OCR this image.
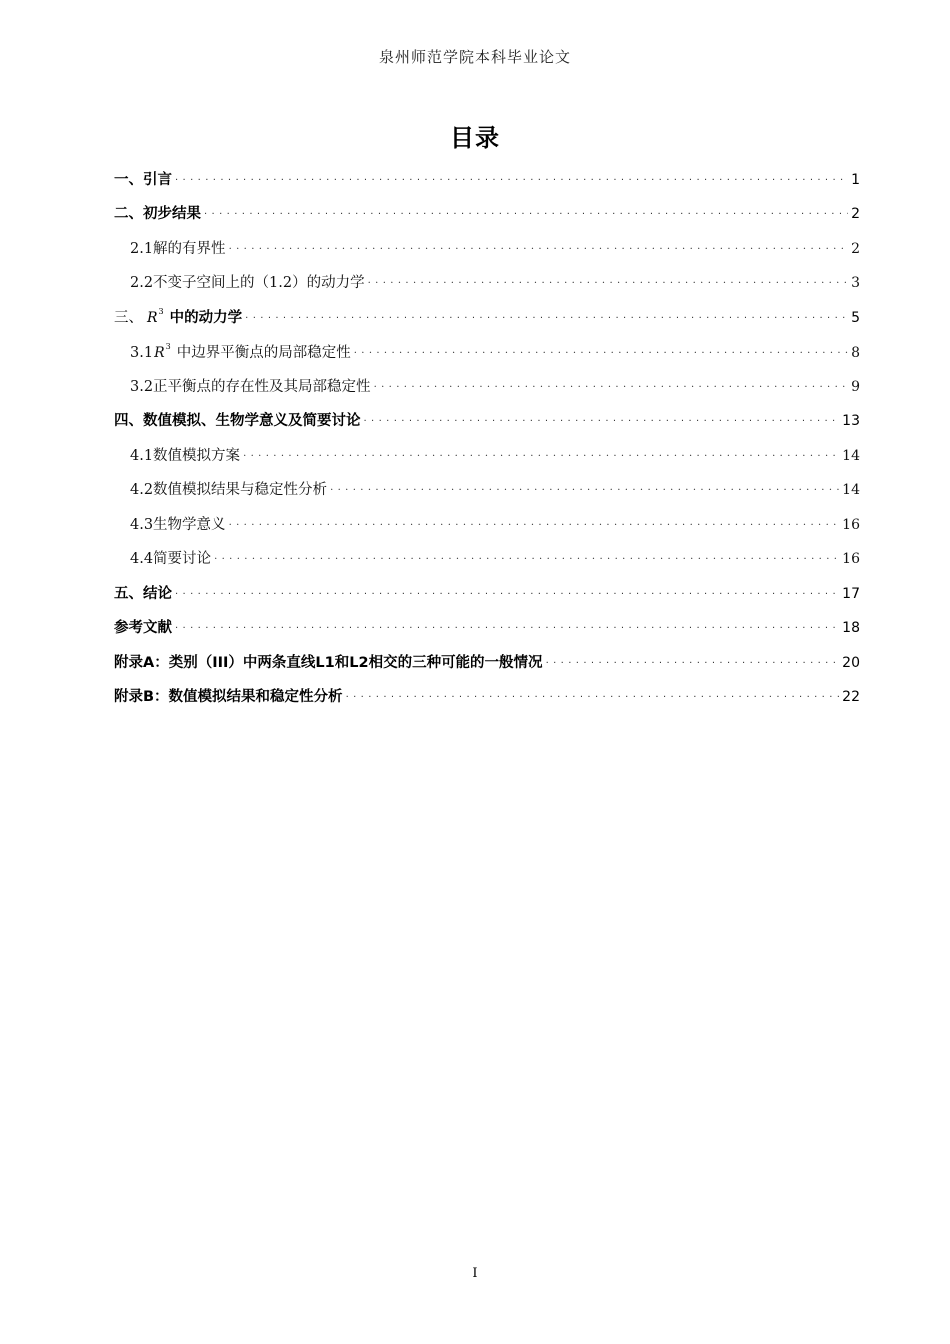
泉州师范学院本科毕业论文
目录
一、引言 . . .	1
二、初步结果 . . .	2
2.1解的有界性 . . .	2
2.2不变子空间上的（1.2）的动力学 . . .	3
三、 $R^3$ 中的动力学 . . .	5
$3.1R^3$ 中边界平衡点的局部稳定性 . . .	8
3.2正平衡点的存在性及其局部稳定性 . . .	9
四、数值模拟、生物学意义及简要讨论 . . .	13
4.1数值模拟方案 . . .	14
4.2数值模拟结果与稳定性分析 . . .	14
4.3生物学意义 . . .	16
4.4简要讨论 . . .	16
五、结论 . . .	17
参考文献 . . .	18
附录A：类别（III）中两条直线L1和L2相交的三种可能的一般情况 . . .	20
附录B：数值模拟结果和稳定性分析 . . .	22
I
